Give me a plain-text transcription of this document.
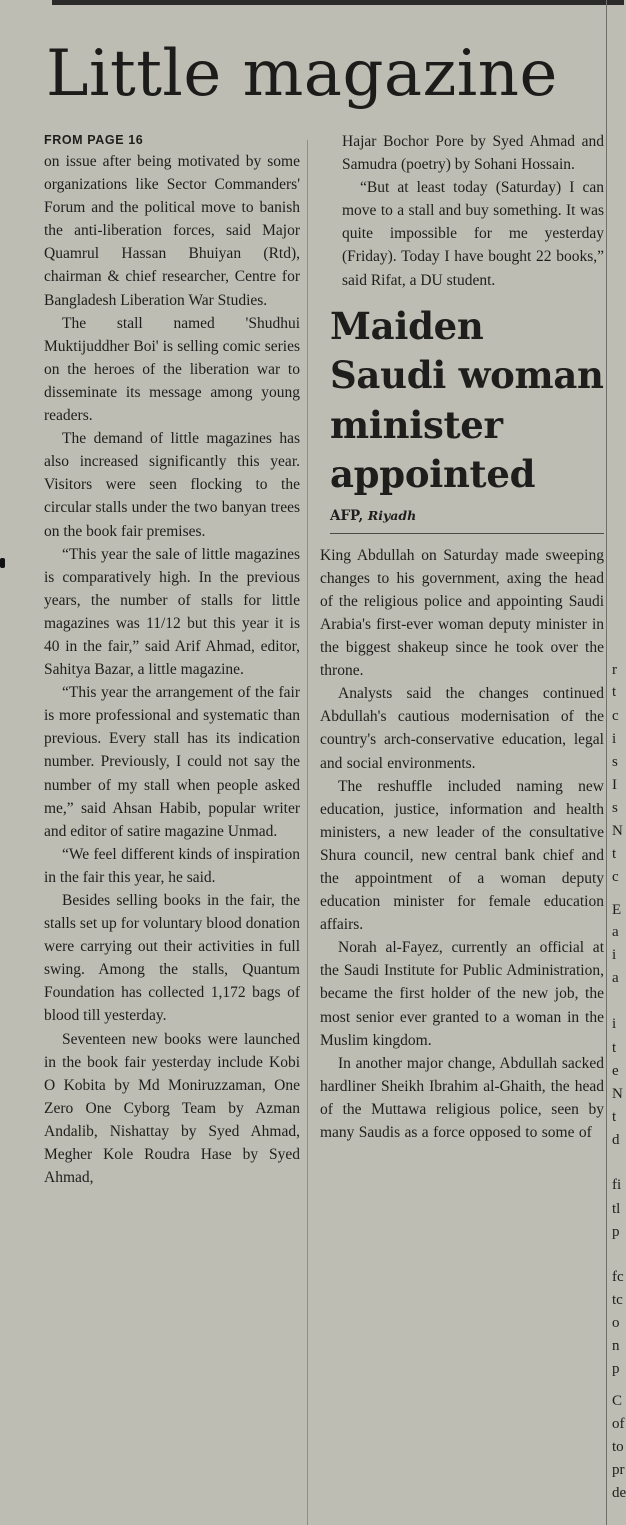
Little magazine
FROM PAGE 16

on issue after being motivated by some organizations like Sector Commanders' Forum and the political move to banish the anti-liberation forces, said Major Quamrul Hassan Bhuiyan (Rtd), chairman & chief researcher, Centre for Bangladesh Liberation War Studies.

The stall named 'Shudhui Muktijuddher Boi' is selling comic series on the heroes of the liberation war to disseminate its message among young readers.

The demand of little magazines has also increased significantly this year. Visitors were seen flocking to the circular stalls under the two banyan trees on the book fair premises.

“This year the sale of little magazines is comparatively high. In the previous years, the number of stalls for little magazines was 11/12 but this year it is 40 in the fair,” said Arif Ahmad, editor, Sahitya Bazar, a little magazine.

“This year the arrangement of the fair is more professional and systematic than previous. Every stall has its indication number. Previously, I could not say the number of my stall when people asked me,” said Ahsan Habib, popular writer and editor of satire magazine Unmad.

“We feel different kinds of inspiration in the fair this year, he said.

Besides selling books in the fair, the stalls set up for voluntary blood donation were carrying out their activities in full swing. Among the stalls, Quantum Foundation has collected 1,172 bags of blood till yesterday.

Seventeen new books were launched in the book fair yesterday include Kobi O Kobita by Md Moniruzzaman, One Zero One Cyborg Team by Azman Andalib, Nishattay by Syed Ahmad, Megher Kole Roudra Hase by Syed Ahmad,

Hajar Bochor Pore by Syed Ahmad and Samudra (poetry) by Sohani Hossain.

“But at least today (Saturday) I can move to a stall and buy something. It was quite impossible for me yesterday (Friday). Today I have bought 22 books,” said Rifat, a DU student.

Maiden Saudi woman minister appointed
AFP, Riyadh

King Abdullah on Saturday made sweeping changes to his government, axing the head of the religious police and appointing Saudi Arabia's first-ever woman deputy minister in the biggest shakeup since he took over the throne.

Analysts said the changes continued Abdullah's cautious modernisation of the country's arch-conservative education, legal and social environments.

The reshuffle included naming new education, justice, information and health ministers, a new leader of the consultative Shura council, new central bank chief and the appointment of a woman deputy education minister for female education affairs.

Norah al-Fayez, currently an official at the Saudi Institute for Public Administration, became the first holder of the new job, the most senior ever granted to a woman in the Muslim kingdom.

In another major change, Abdullah sacked hardliner Sheikh Ibrahim al-Ghaith, the head of the Muttawa religious police, seen by many Saudis as a force opposed to some of

r
t
c
i
s
I
s
N
t
c
E
a
i
a
i
t
e
N
t
d
fi
tl
p
fc
tc
o
n
p
C
of
to
pr
de
